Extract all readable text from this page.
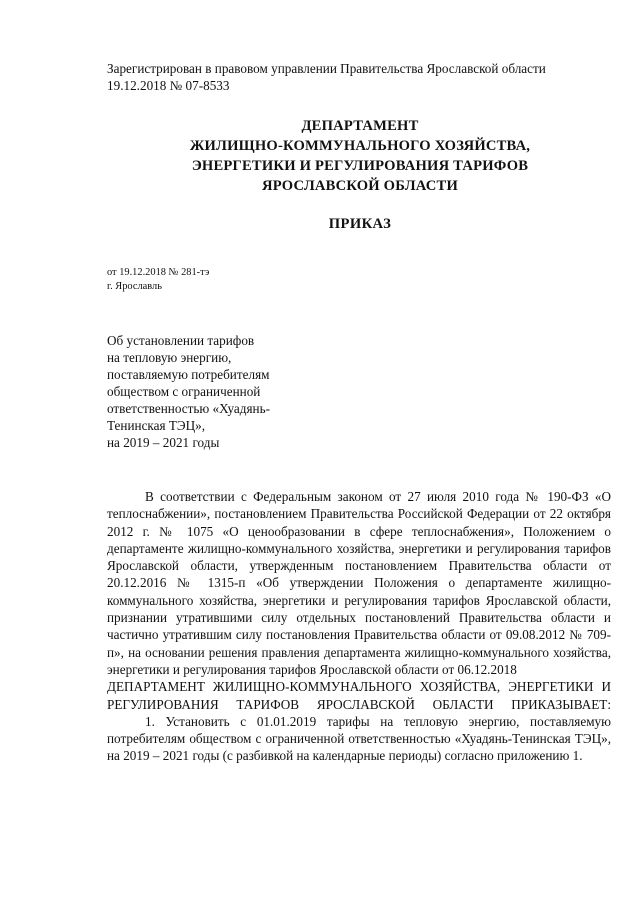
Зарегистрирован в правовом управлении Правительства Ярославской области
19.12.2018 № 07-8533
ДЕПАРТАМЕНТ
ЖИЛИЩНО-КОММУНАЛЬНОГО ХОЗЯЙСТВА,
ЭНЕРГЕТИКИ И РЕГУЛИРОВАНИЯ ТАРИФОВ
ЯРОСЛАВСКОЙ ОБЛАСТИ
ПРИКАЗ
от 19.12.2018 № 281-тэ
г. Ярославль
Об установлении тарифов
на тепловую энергию,
поставляемую потребителям
обществом с ограниченной
ответственностью «Хуадянь-
Тенинская ТЭЦ»,
на 2019 – 2021 годы

В соответствии с Федеральным законом от 27 июля 2010 года № 190-ФЗ «О теплоснабжении», постановлением Правительства Российской Федерации от 22 октября 2012 г. № 1075 «О ценообразовании в сфере теплоснабжения», Положением о департаменте жилищно-коммунального хозяйства, энергетики и регулирования тарифов Ярославской области, утвержденным постановлением Правительства области от 20.12.2016 № 1315-п «Об утверждении Положения о департаменте жилищно-коммунального хозяйства, энергетики и регулирования тарифов Ярославской области, признании утратившими силу отдельных постановлений Правительства области и частично утратившим силу постановления Правительства области от 09.08.2012 № 709-п», на основании решения правления департамента жилищно-коммунального хозяйства, энергетики и регулирования тарифов Ярославской области от 06.12.2018

ДЕПАРТАМЕНТ ЖИЛИЩНО-КОММУНАЛЬНОГО ХОЗЯЙСТВА, ЭНЕРГЕТИКИ И РЕГУЛИРОВАНИЯ ТАРИФОВ ЯРОСЛАВСКОЙ ОБЛАСТИ ПРИКАЗЫВАЕТ:

1. Установить с 01.01.2019 тарифы на тепловую энергию, поставляемую потребителям обществом с ограниченной ответственностью «Хуадянь-Тенинская ТЭЦ», на 2019 – 2021 годы (с разбивкой на календарные периоды) согласно приложению 1.
